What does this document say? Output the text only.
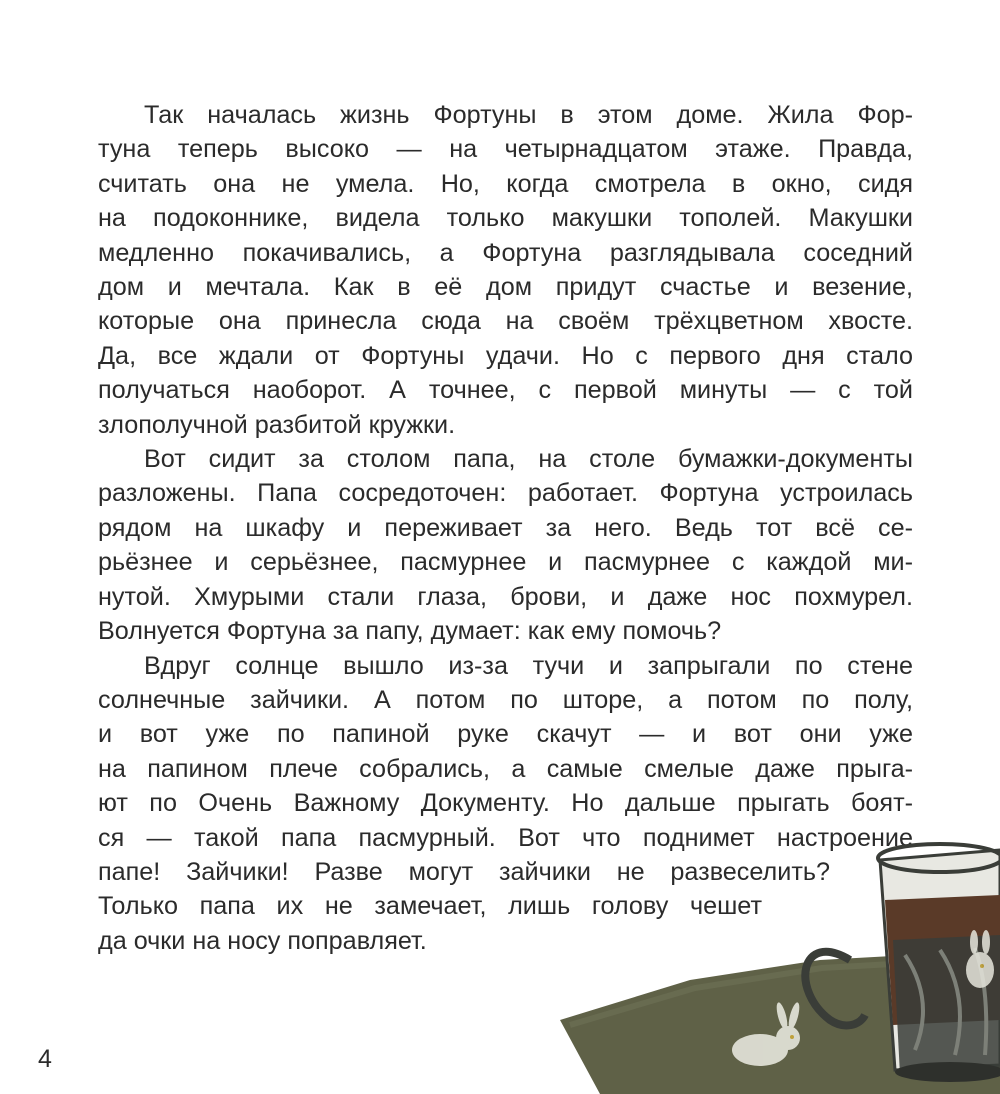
Так началась жизнь Фортуны в этом доме. Жила Фор-
туна теперь высоко — на четырнадцатом этаже. Правда,
считать она не умела. Но, когда смотрела в окно, сидя
на подоконнике, видела только макушки тополей. Макушки
медленно покачивались, а Фортуна разглядывала соседний
дом и мечтала. Как в её дом придут счастье и везение,
которые она принесла сюда на своём трёхцветном хвосте.
Да, все ждали от Фортуны удачи. Но с первого дня стало
получаться наоборот. А точнее, с первой минуты — с той
злополучной разбитой кружки.
Вот сидит за столом папа, на столе бумажки-документы
разложены. Папа сосредоточен: работает. Фортуна устроилась
рядом на шкафу и переживает за него. Ведь тот всё се-
рьёзнее и серьёзнее, пасмурнее и пасмурнее с каждой ми-
нутой. Хмурыми стали глаза, брови, и даже нос похмурел.
Волнуется Фортуна за папу, думает: как ему помочь?
Вдруг солнце вышло из-за тучи и запрыгали по стене
солнечные зайчики. А потом по шторе, а потом по полу,
и вот уже по папиной руке скачут — и вот они уже
на папином плече собрались, а самые смелые даже пpыга-
ют по Очень Важному Документу. Но дальше прыгать боят-
ся — такой папа пасмурный. Вот что поднимет настроение
папе! Зайчики! Разве могут зайчики не развеселить?
Только папа их не замечает, лишь голову чешет
да очки на носу поправляет.
4
